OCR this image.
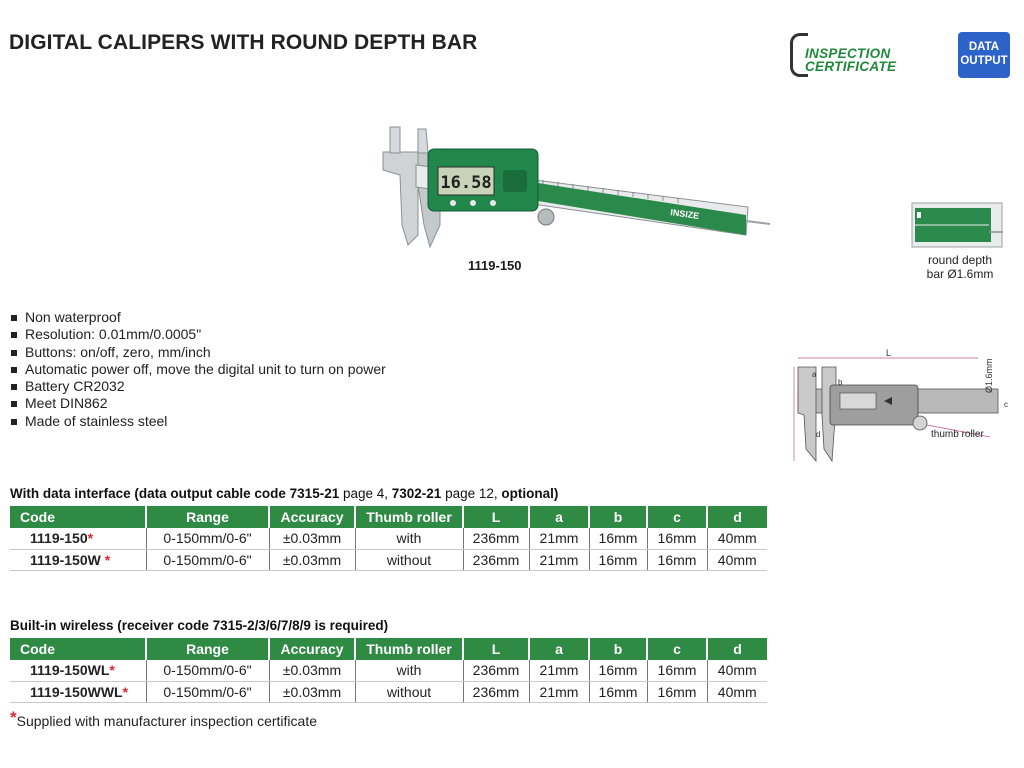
DIGITAL CALIPERS WITH ROUND DEPTH BAR	INSPECTION
CERTIFICATE
DATA
OUTPUT
16.58
INSIZE
1119-150	round depth
bar Ø1.6mm
Non waterproof
Resolution: 0.01mm/0.0005"
Buttons: on/off, zero, mm/inch
Automatic power off, move the digital unit to turn on power
Battery CR2032
Meet DIN862
Made of stainless steel
L
thumb roller
a
b
c
d
Ø1.6mm
With data interface (data output cable code 7315-21 page 4, 7302-21 page 12, optional)
Code	Range	Accuracy	Thumb roller	L	a	b	c	d
1119-150*	0-150mm/0-6"	±0.03mm	with	236mm	21mm	16mm	16mm	40mm
1119-150W *	0-150mm/0-6"	±0.03mm	without	236mm	21mm	16mm	16mm	40mm
Built-in wireless (receiver code 7315-2/3/6/7/8/9 is required)
Code	Range	Accuracy	Thumb roller	L	a	b	c	d
1119-150WL*	0-150mm/0-6"	±0.03mm	with	236mm	21mm	16mm	16mm	40mm
1119-150WWL*	0-150mm/0-6"	±0.03mm	without	236mm	21mm	16mm	16mm	40mm
*Supplied with manufacturer inspection certificate
